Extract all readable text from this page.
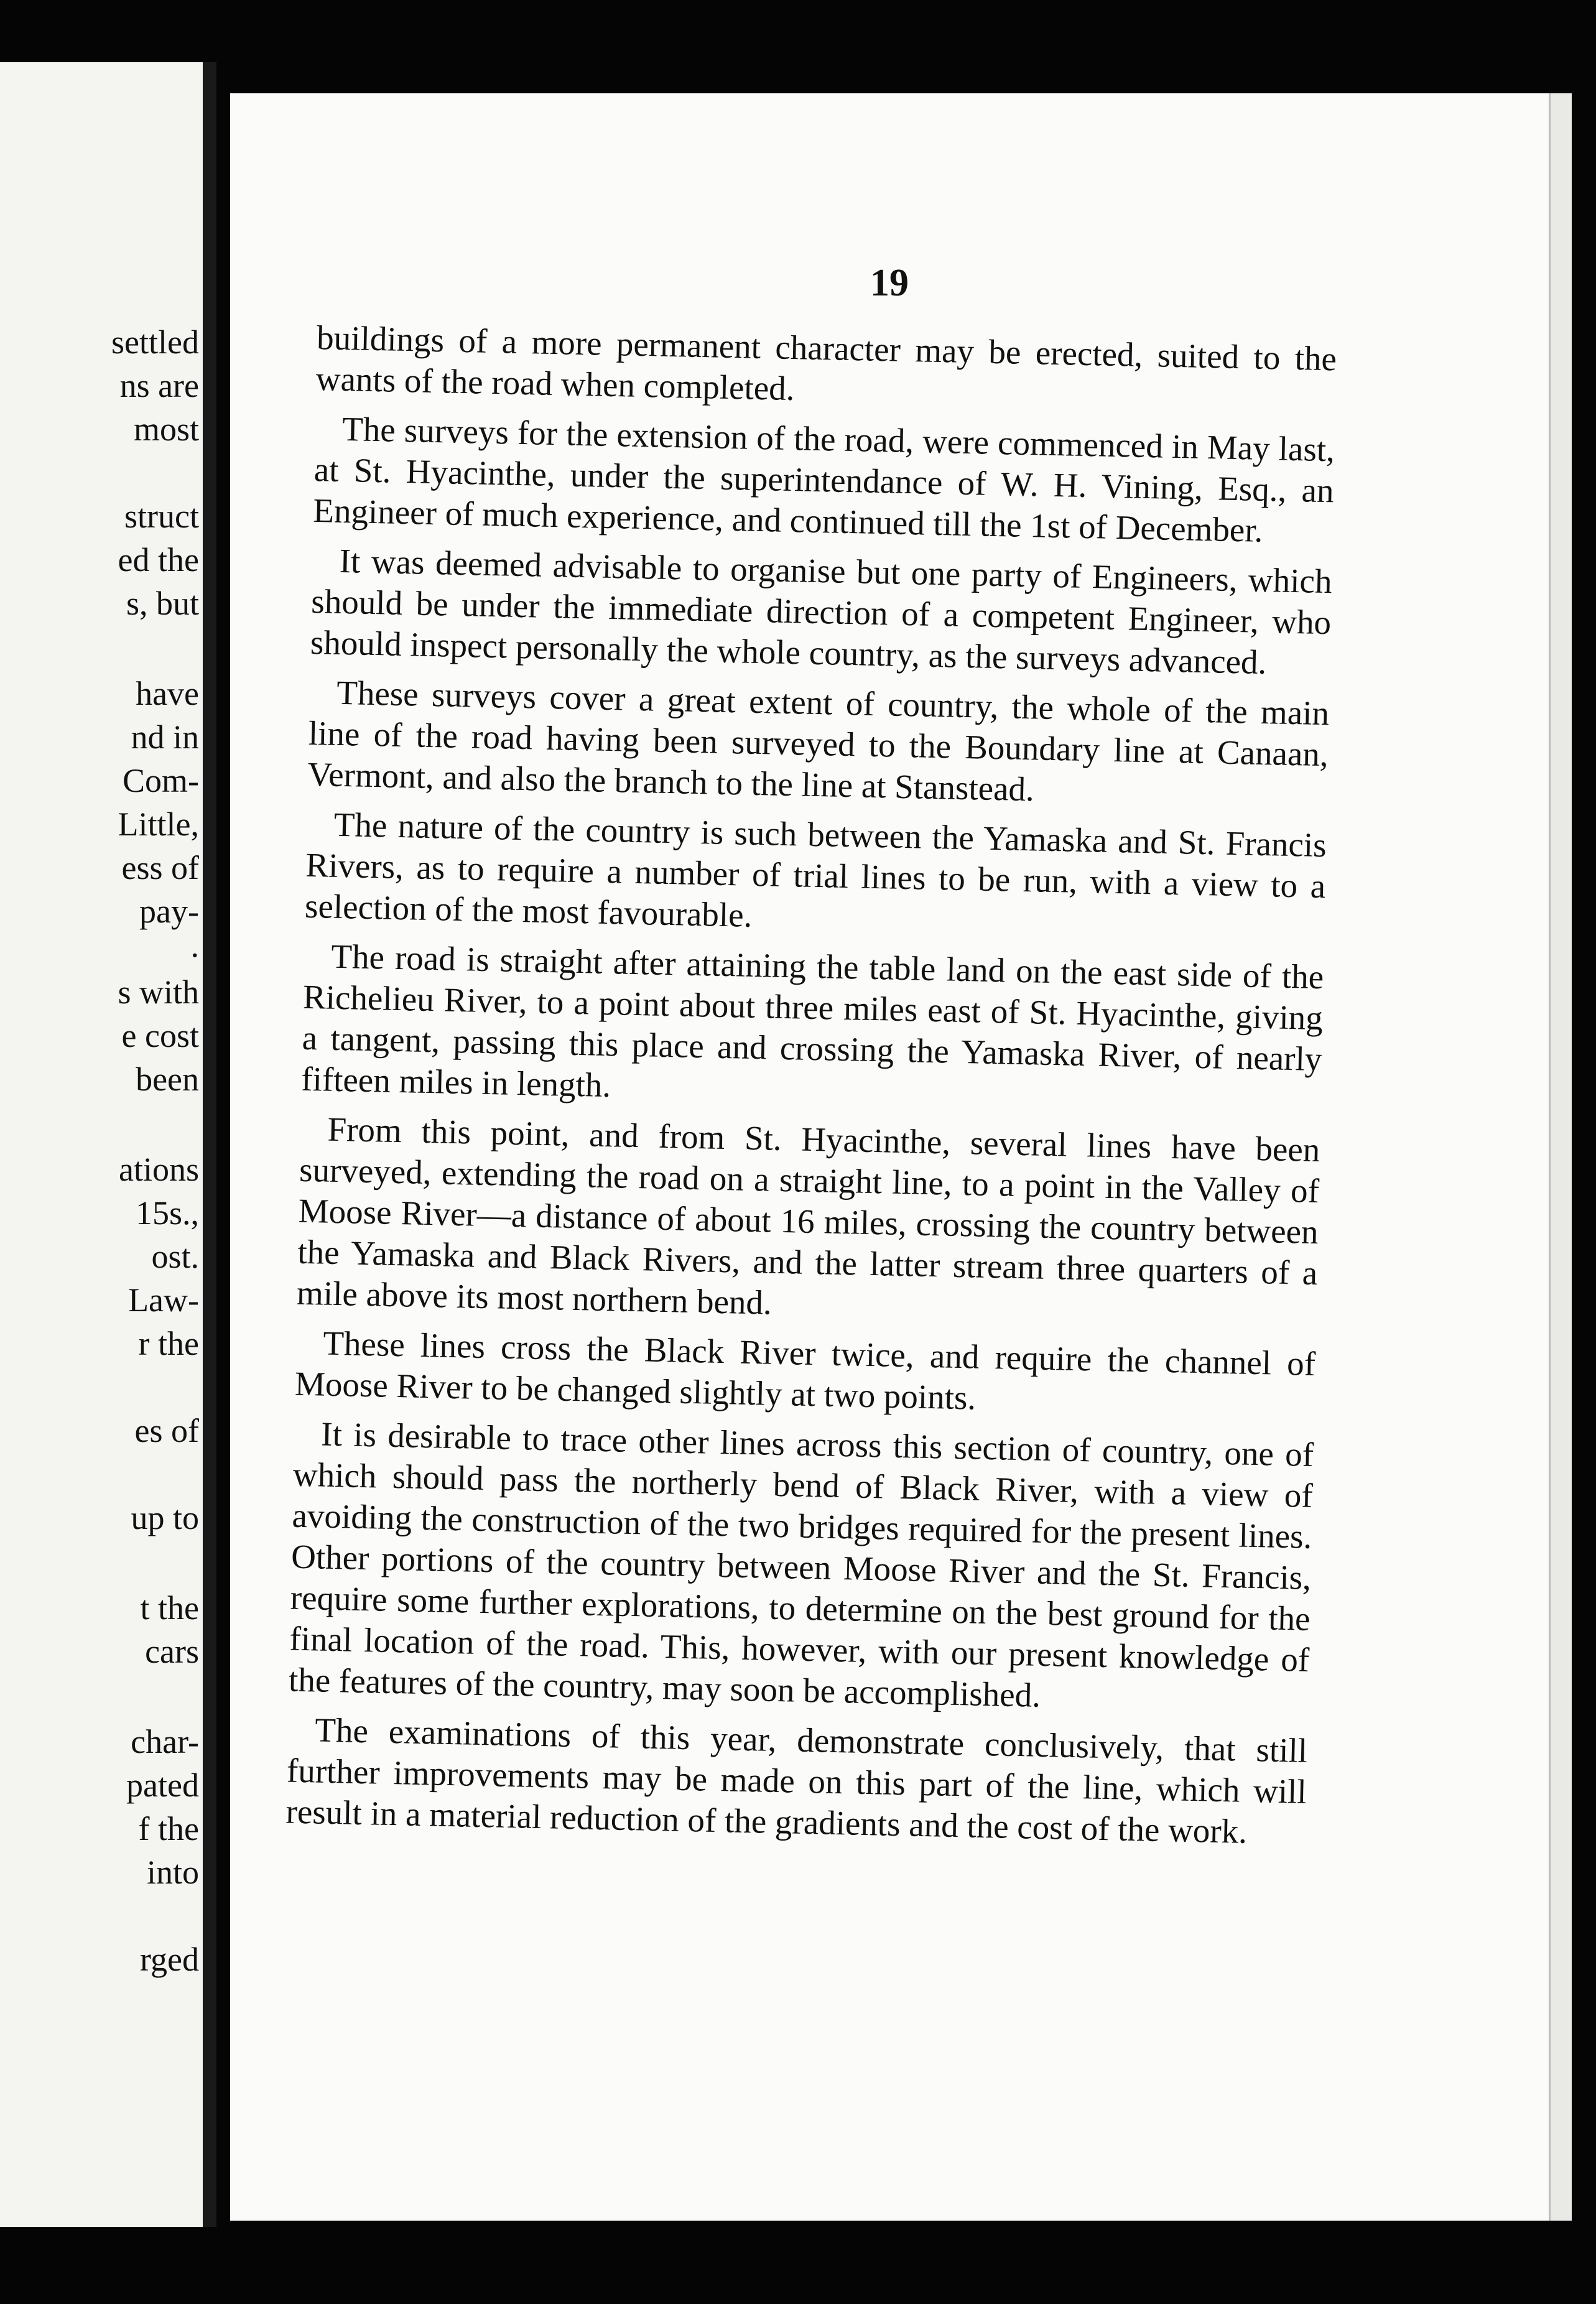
settled
ns are
most
struct
ed the
s, but
have
nd in
Com-
Little,
ess of
pay-
.
s with
e cost
been
ations
15s.,
ost.
Law-
r the
es of
up to
t the
cars
char-
pated
f the
into
rged
19

buildings of a more permanent character may be erected, suited to the wants of the road when completed.

The surveys for the extension of the road, were commenced in May last, at St. Hyacinthe, under the superintendance of W. H. Vining, Esq., an Engineer of much experience, and continued till the 1st of December.

It was deemed advisable to organise but one party of Engineers, which should be under the immediate direction of a competent Engineer, who should inspect personally the whole country, as the surveys advanced.

These surveys cover a great extent of country, the whole of the main line of the road having been surveyed to the Boundary line at Canaan, Vermont, and also the branch to the line at Stanstead.

The nature of the country is such between the Yamaska and St. Francis Rivers, as to require a number of trial lines to be run, with a view to a selection of the most favourable.

The road is straight after attaining the table land on the east side of the Richelieu River, to a point about three miles east of St. Hyacinthe, giving a tangent, passing this place and crossing the Yamaska River, of nearly fifteen miles in length.

From this point, and from St. Hyacinthe, several lines have been surveyed, extending the road on a straight line, to a point in the Valley of Moose River—a distance of about 16 miles, crossing the country between the Yamaska and Black Rivers, and the latter stream three quarters of a mile above its most northern bend.

These lines cross the Black River twice, and require the channel of Moose River to be changed slightly at two points.

It is desirable to trace other lines across this section of country, one of which should pass the northerly bend of Black River, with a view of avoiding the construction of the two bridges required for the present lines. Other portions of the country between Moose River and the St. Francis, require some further explorations, to determine on the best ground for the final location of the road. This, however, with our present knowledge of the features of the country, may soon be accomplished.

The examinations of this year, demonstrate conclusively, that still further improvements may be made on this part of the line, which will result in a material reduction of the gradients and the cost of the work.
